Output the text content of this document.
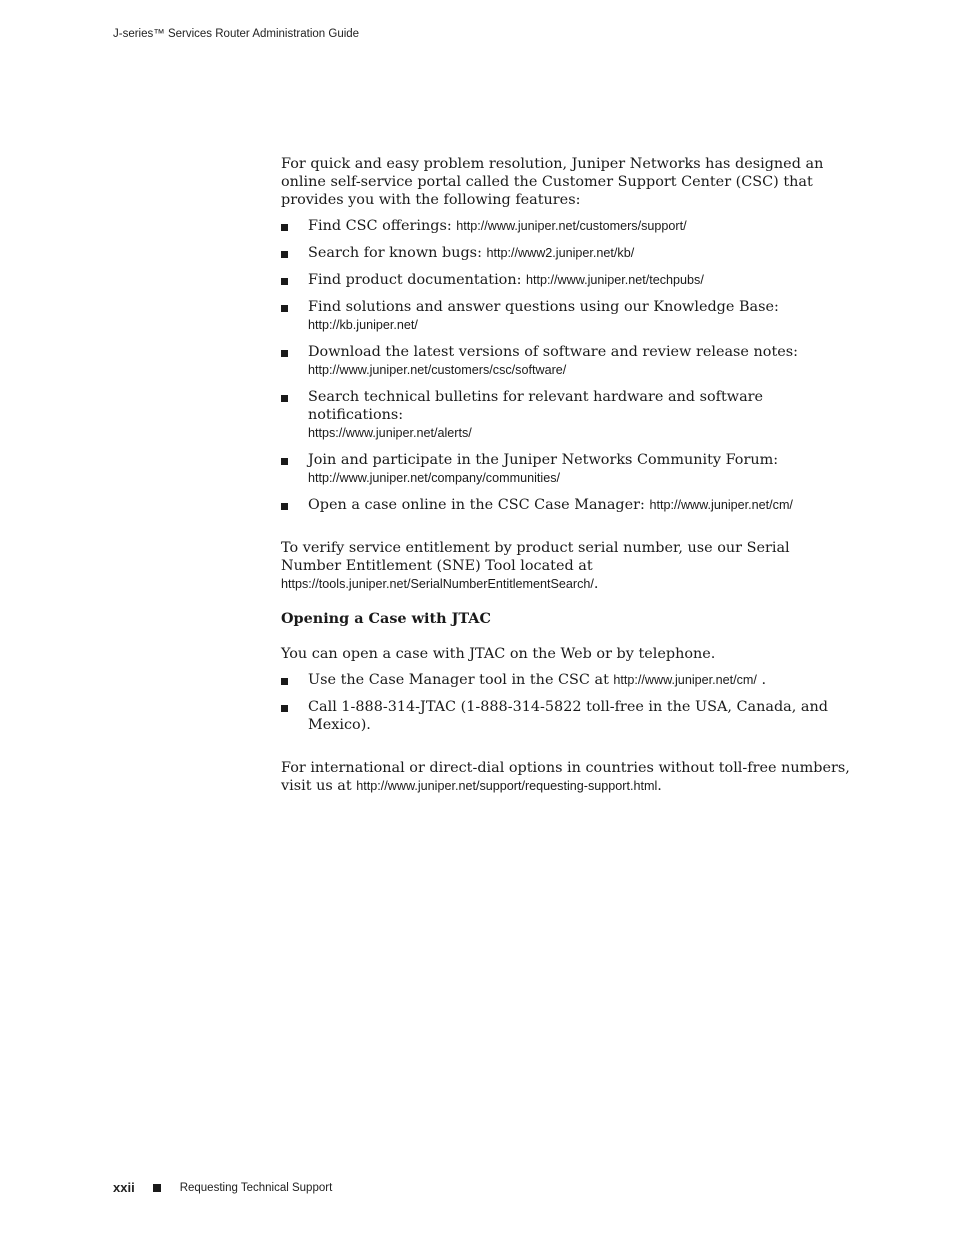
J-series™ Services Router Administration Guide

For quick and easy problem resolution, Juniper Networks has designed an online self-service portal called the Customer Support Center (CSC) that provides you with the following features:

Find CSC offerings: http://www.juniper.net/customers/support/
Search for known bugs: http://www2.juniper.net/kb/
Find product documentation: http://www.juniper.net/techpubs/
Find solutions and answer questions using our Knowledge Base:
http://kb.juniper.net/
Download the latest versions of software and review release notes:
http://www.juniper.net/customers/csc/software/
Search technical bulletins for relevant hardware and software notifications:
https://www.juniper.net/alerts/
Join and participate in the Juniper Networks Community Forum:
http://www.juniper.net/company/communities/
Open a case online in the CSC Case Manager: http://www.juniper.net/cm/

To verify service entitlement by product serial number, use our Serial Number Entitlement (SNE) Tool located at https://tools.juniper.net/SerialNumberEntitlementSearch/.

Opening a Case with JTAC

You can open a case with JTAC on the Web or by telephone.

Use the Case Manager tool in the CSC at http://www.juniper.net/cm/ .
Call 1-888-314-JTAC (1-888-314-5822 toll-free in the USA, Canada, and Mexico).

For international or direct-dial options in countries without toll-free numbers, visit us at http://www.juniper.net/support/requesting-support.html.

xxii	Requesting Technical Support
